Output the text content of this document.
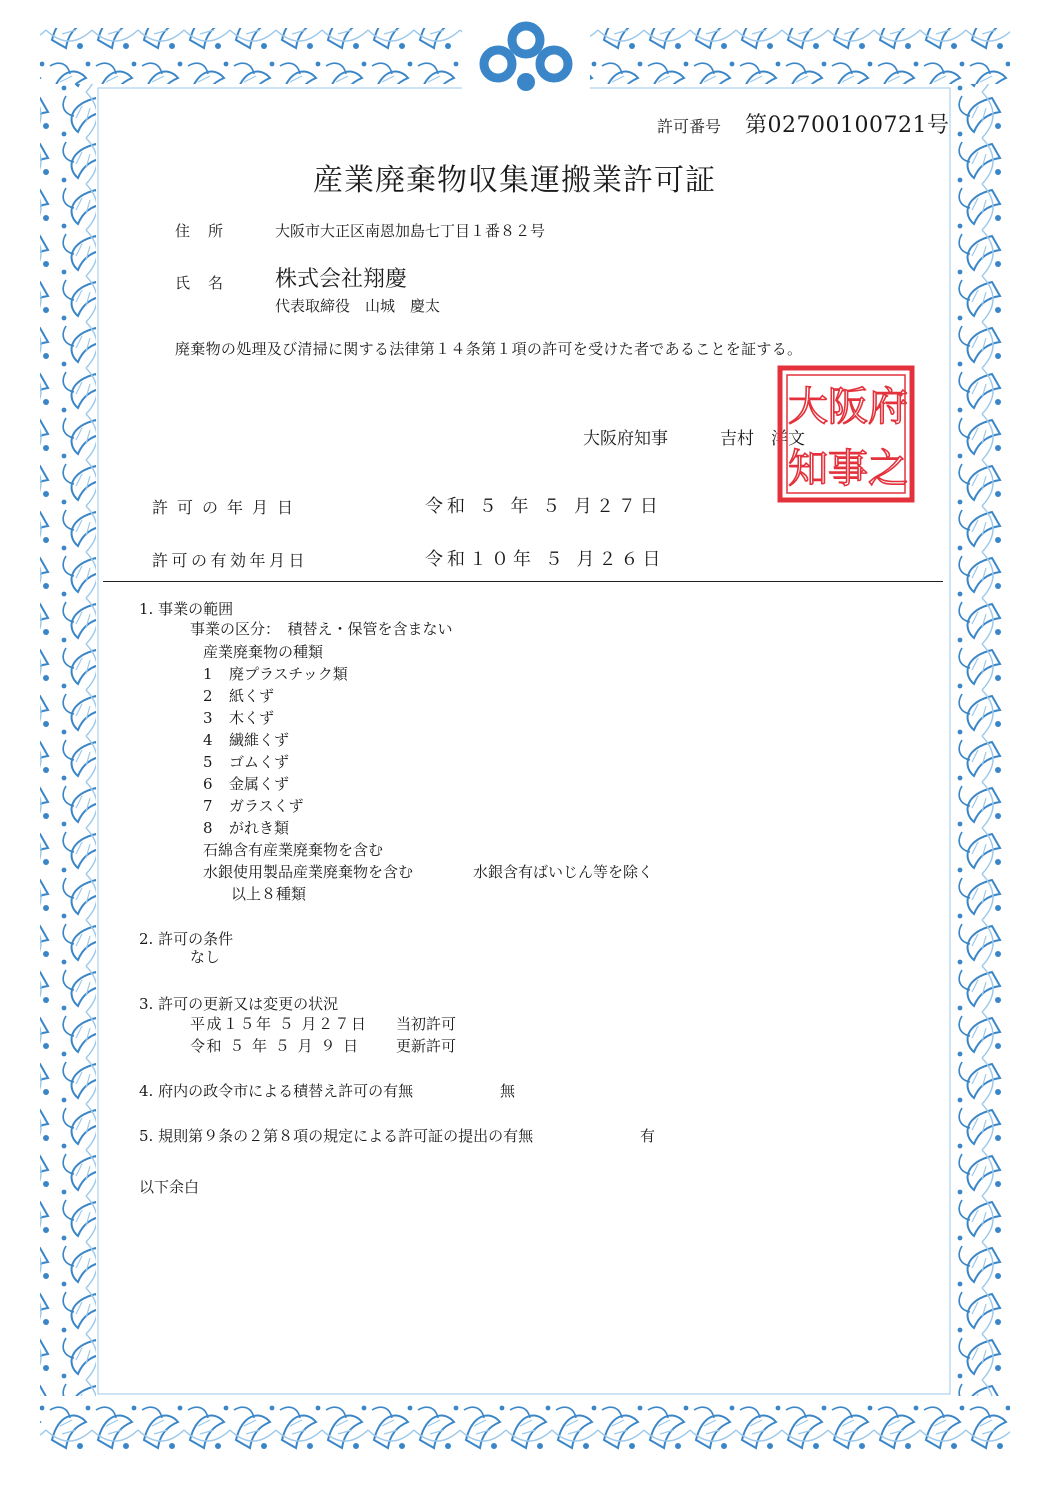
許可番号 第02700100721号
産業廃棄物収集運搬業許可証
住所 大阪市大正区南恩加島七丁目１番８２号
氏名 株式会社翔慶
代表取締役　山城　慶太
廃棄物の処理及び清掃に関する法律第１４条第１項の許可を受けた者であることを証する。
大阪府知事	吉村　洋文
府
之
阪
事
大
知
許可の年月日	令和 ５ 年 ５ 月２７日
許可の有効年月日	令和１０年 ５ 月２６日
1. 事業の範囲
事業の区分：　積替え・保管を含まない
産業廃棄物の種類
1 廃プラスチック類
2 紙くず
3 木くず
4 繊維くず
5 ゴムくず
6 金属くず
7 ガラスくず
8 がれき類
石綿含有産業廃棄物を含む
水銀使用製品産業廃棄物を含む	水銀含有ばいじん等を除く
以上８種類
2. 許可の条件
なし
3. 許可の更新又は変更の状況
平成１５年 ５ 月２７日 当初許可
令和 ５ 年 ５ 月 ９ 日 更新許可
4. 府内の政令市による積替え許可の有無	無
5. 規則第９条の２第８項の規定による許可証の提出の有無	有
以下余白
